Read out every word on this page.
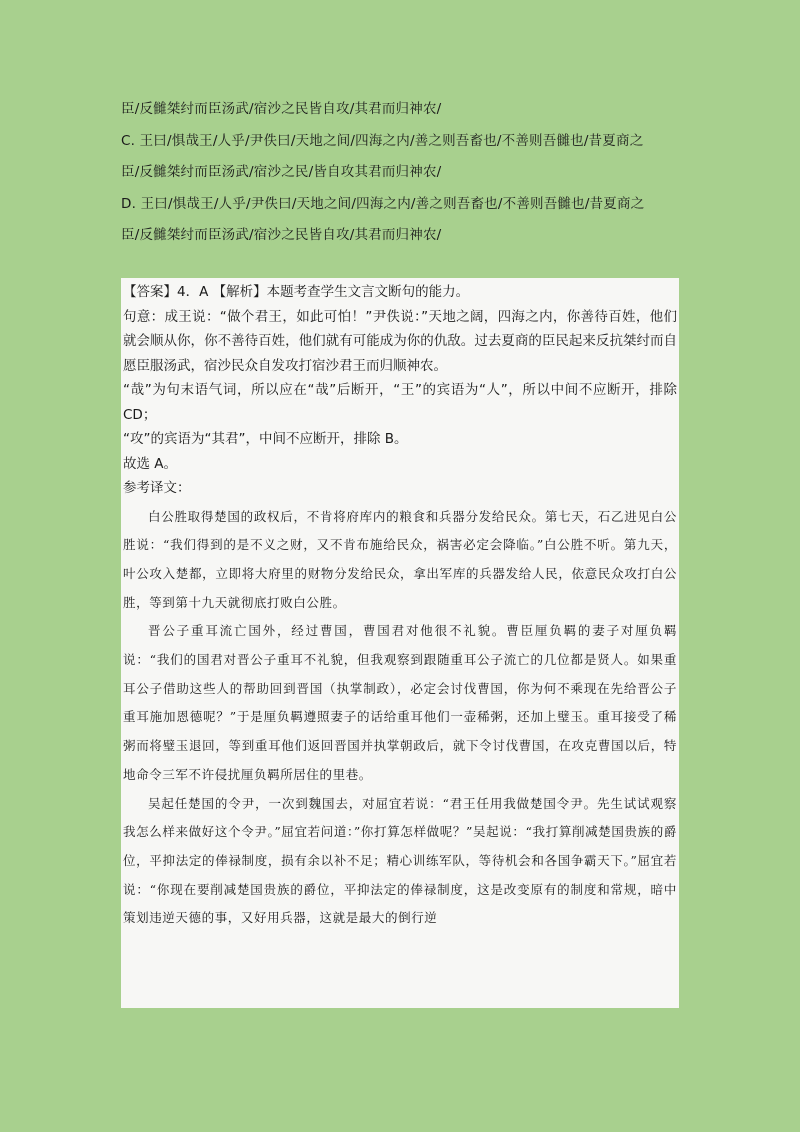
臣/反雠桀纣而臣汤武/宿沙之民皆自攻/其君而归神农/

C. 王曰/惧哉王/人乎/尹佚曰/天地之间/四海之内/善之则吾畜也/不善则吾雠也/昔夏商之

臣/反雠桀纣而臣汤武/宿沙之民/皆自攻其君而归神农/

D. 王曰/惧哉王/人乎/尹佚曰/天地之间/四海之内/善之则吾畜也/不善则吾雠也/昔夏商之

臣/反雠桀纣而臣汤武/宿沙之民皆自攻/其君而归神农/

【答案】4．A 【解析】本题考查学生文言文断句的能力。

句意：成王说：“做个君王，如此可怕！”尹佚说：”天地之阔，四海之内，你善待百姓，他们就会顺从你，你不善待百姓，他们就有可能成为你的仇敌。过去夏商的臣民起来反抗桀纣而自愿臣服汤武，宿沙民众自发攻打宿沙君王而归顺神农。

“哉”为句末语气词，所以应在“哉”后断开，“王”的宾语为“人”，所以中间不应断开，排除 CD；

“攻”的宾语为“其君”，中间不应断开，排除 B。

故选 A。

参考译文：

白公胜取得楚国的政权后，不肯将府库内的粮食和兵器分发给民众。第七天，石乙进见白公胜说：“我们得到的是不义之财，又不肯布施给民众，祸害必定会降临。”白公胜不听。第九天，叶公攻入楚都，立即将大府里的财物分发给民众，拿出军库的兵器发给人民，依意民众攻打白公胜，等到第十九天就彻底打败白公胜。

晋公子重耳流亡国外，经过曹国，曹国君对他很不礼貌。曹臣厘负羁的妻子对厘负羁说：“我们的国君对晋公子重耳不礼貌，但我观察到跟随重耳公子流亡的几位都是贤人。如果重耳公子借助这些人的帮助回到晋国（执掌制政），必定会讨伐曹国，你为何不乘现在先给晋公子重耳施加恩德呢？”于是厘负羁遵照妻子的话给重耳他们一壶稀粥，还加上璧玉。重耳接受了稀粥而将璧玉退回，等到重耳他们返回晋国并执掌朝政后，就下令讨伐曹国，在攻克曹国以后，特地命令三军不许侵扰厘负羁所居住的里巷。

吴起任楚国的令尹，一次到魏国去，对屈宜若说：“君王任用我做楚国令尹。先生试试观察我怎么样来做好这个令尹。”屈宜若问道：”你打算怎样做呢？”吴起说：“我打算削减楚国贵族的爵位，平抑法定的俸禄制度，损有余以补不足；精心训练军队，等待机会和各国争霸天下。”屈宜若说：“你现在要削减楚国贵族的爵位，平抑法定的俸禄制度，这是改变原有的制度和常规，暗中策划违逆天德的事，又好用兵器，这就是最大的倒行逆
